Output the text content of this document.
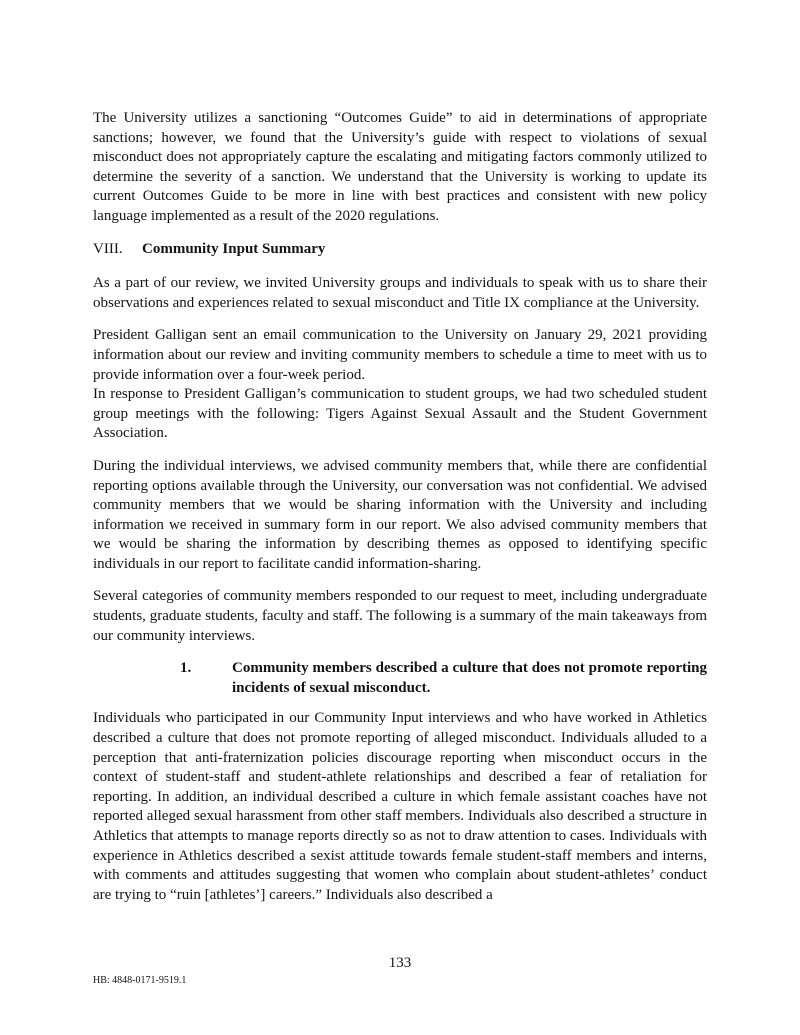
The University utilizes a sanctioning “Outcomes Guide” to aid in determinations of appropriate sanctions; however, we found that the University’s guide with respect to violations of sexual misconduct does not appropriately capture the escalating and mitigating factors commonly utilized to determine the severity of a sanction. We understand that the University is working to update its current Outcomes Guide to be more in line with best practices and consistent with new policy language implemented as a result of the 2020 regulations.

VIII.	Community Input Summary

As a part of our review, we invited University groups and individuals to speak with us to share their observations and experiences related to sexual misconduct and Title IX compliance at the University.

President Galligan sent an email communication to the University on January 29, 2021 providing information about our review and inviting community members to schedule a time to meet with us to provide information over a four-week period.

In response to President Galligan’s communication to student groups, we had two scheduled student group meetings with the following: Tigers Against Sexual Assault and the Student Government Association.

During the individual interviews, we advised community members that, while there are confidential reporting options available through the University, our conversation was not confidential. We advised community members that we would be sharing information with the University and including information we received in summary form in our report. We also advised community members that we would be sharing the information by describing themes as opposed to identifying specific individuals in our report to facilitate candid information-sharing.

Several categories of community members responded to our request to meet, including undergraduate students, graduate students, faculty and staff. The following is a summary of the main takeaways from our community interviews.

1.	Community members described a culture that does not promote reporting incidents of sexual misconduct.

Individuals who participated in our Community Input interviews and who have worked in Athletics described a culture that does not promote reporting of alleged misconduct. Individuals alluded to a perception that anti-fraternization policies discourage reporting when misconduct occurs in the context of student-staff and student-athlete relationships and described a fear of retaliation for reporting. In addition, an individual described a culture in which female assistant coaches have not reported alleged sexual harassment from other staff members. Individuals also described a structure in Athletics that attempts to manage reports directly so as not to draw attention to cases. Individuals with experience in Athletics described a sexist attitude towards female student-staff members and interns, with comments and attitudes suggesting that women who complain about student-athletes’ conduct are trying to “ruin [athletes’] careers.” Individuals also described a

133
HB: 4848-0171-9519.1
